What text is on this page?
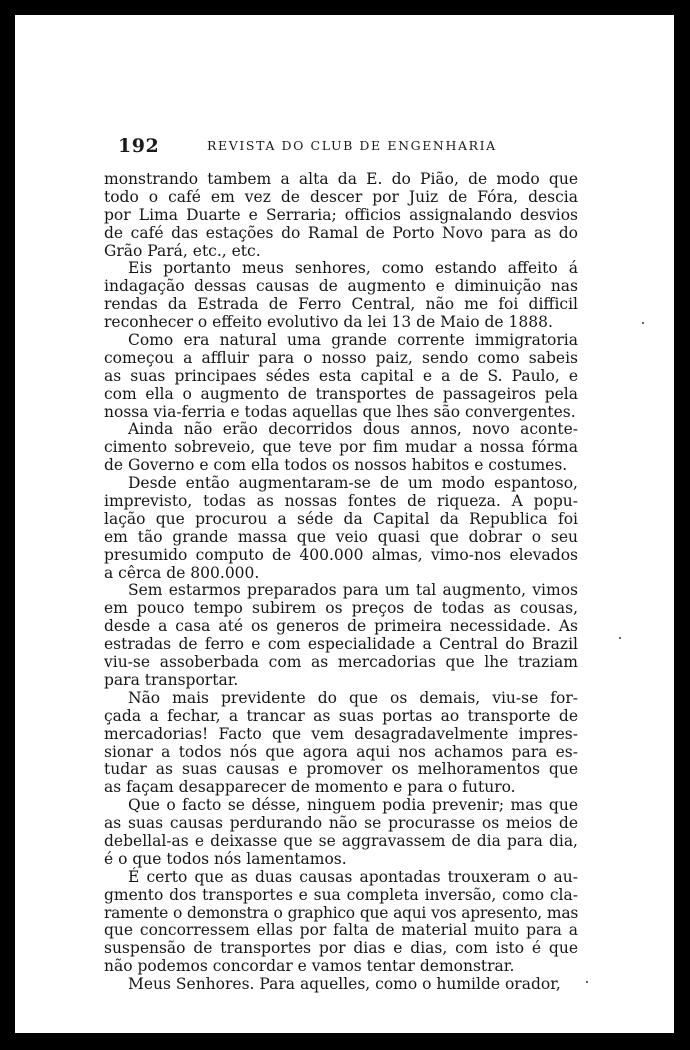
192	REVISTA DO CLUB DE ENGENHARIA
monstrando tambem a alta da E. do Pião, de modo que
todo o café em vez de descer por Juiz de Fóra, descia
por Lima Duarte e Serraria; officios assignalando desvios
de café das estações do Ramal de Porto Novo para as do
Grão Pará, etc., etc.
Eis portanto meus senhores, como estando affeito á
indagação dessas causas de augmento e diminuição nas
rendas da Estrada de Ferro Central, não me foi difficil
reconhecer o effeito evolutivo da lei 13 de Maio de 1888.
Como era natural uma grande corrente immigratoria
começou a affluir para o nosso paiz, sendo como sabeis
as suas principaes sédes esta capital e a de S. Paulo, e
com ella o augmento de transportes de passageiros pela
nossa via-ferria e todas aquellas que lhes são convergentes.
Ainda não erão decorridos dous annos, novo aconte-
cimento sobreveio, que teve por fim mudar a nossa fórma
de Governo e com ella todos os nossos habitos e costumes.
Desde então augmentaram-se de um modo espantoso,
imprevisto, todas as nossas fontes de riqueza. A popu-
lação que procurou a séde da Capital da Republica foi
em tão grande massa que veio quasi que dobrar o seu
presumido computo de 400.000 almas, vimo-nos elevados
a cêrca de 800.000.
Sem estarmos preparados para um tal augmento, vimos
em pouco tempo subirem os preços de todas as cousas,
desde a casa até os generos de primeira necessidade. As
estradas de ferro e com especialidade a Central do Brazil
viu-se assoberbada com as mercadorias que lhe traziam
para transportar.
Não mais previdente do que os demais, viu-se for-
çada a fechar, a trancar as suas portas ao transporte de
mercadorias! Facto que vem desagradavelmente impres-
sionar a todos nós que agora aqui nos achamos para es-
tudar as suas causas e promover os melhoramentos que
as façam desapparecer de momento e para o futuro.
Que o facto se désse, ninguem podia prevenir; mas que
as suas causas perdurando não se procurasse os meios de
debellal-as e deixasse que se aggravassem de dia para dia,
é o que todos nós lamentamos.
É certo que as duas causas apontadas trouxeram o au-
gmento dos transportes e sua completa inversão, como cla-
ramente o demonstra o graphico que aqui vos apresento, mas
que concorressem ellas por falta de material muito para a
suspensão de transportes por dias e dias, com isto é que
não podemos concordar e vamos tentar demonstrar.
Meus Senhores. Para aquelles, como o humilde orador,
